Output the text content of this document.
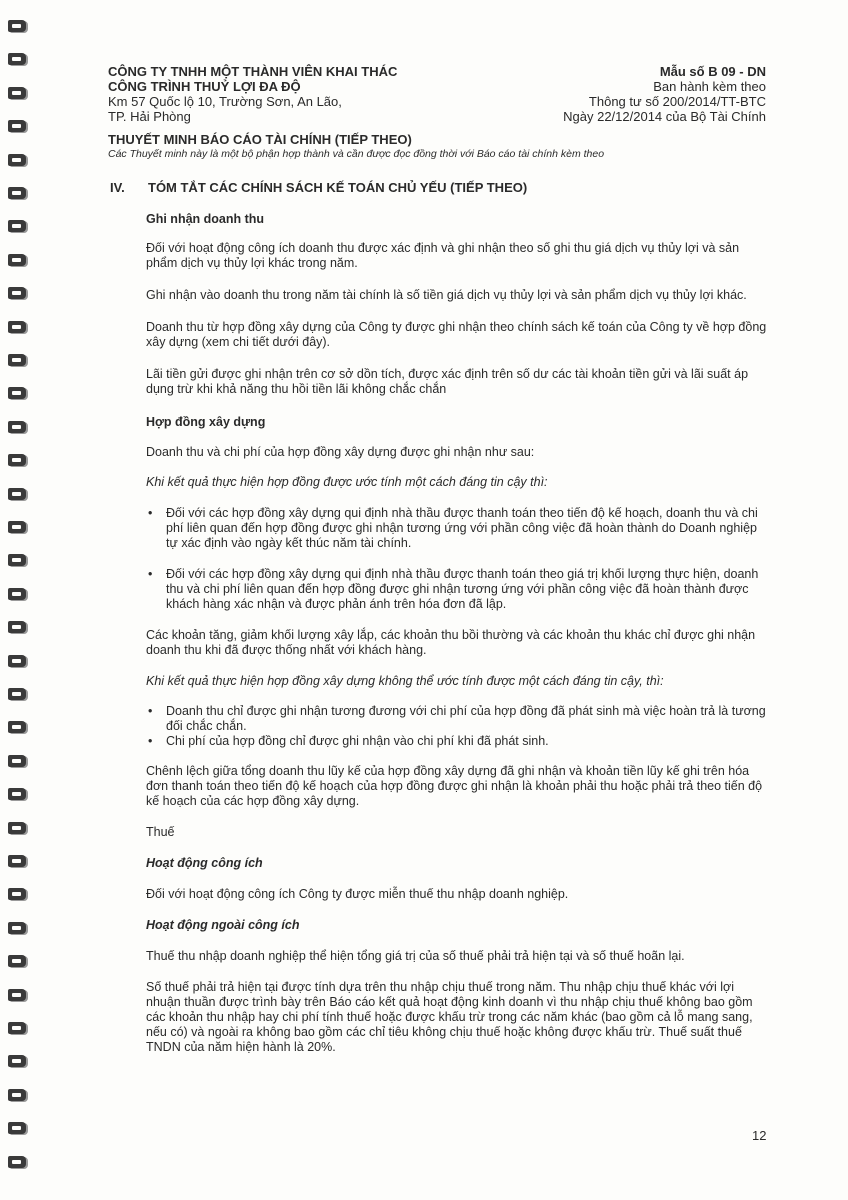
CÔNG TY TNHH MỘT THÀNH VIÊN KHAI THÁC
CÔNG TRÌNH THUỶ LỢI ĐA ĐỘ
Km 57 Quốc lộ 10, Trường Sơn, An Lão,
TP. Hải Phòng
Mẫu số B 09 - DN
Ban hành kèm theo
Thông tư số 200/2014/TT-BTC
Ngày 22/12/2014 của Bộ Tài Chính
THUYẾT MINH BÁO CÁO TÀI CHÍNH (TIẾP THEO)
Các Thuyết minh này là một bộ phận hợp thành và cần được đọc đồng thời với Báo cáo tài chính kèm theo
IV. TÓM TẮT CÁC CHÍNH SÁCH KẾ TOÁN CHỦ YẾU (TIẾP THEO)

Ghi nhận doanh thu

Đối với hoạt động công ích doanh thu được xác định và ghi nhận theo số ghi thu giá dịch vụ thủy lợi và sản phẩm dịch vụ thủy lợi khác trong năm.

Ghi nhận vào doanh thu trong năm tài chính là số tiền giá dịch vụ thủy lợi và sản phẩm dịch vụ thủy lợi khác.

Doanh thu từ hợp đồng xây dựng của Công ty được ghi nhận theo chính sách kế toán của Công ty về hợp đồng xây dựng (xem chi tiết dưới đây).

Lãi tiền gửi được ghi nhận trên cơ sở dồn tích, được xác định trên số dư các tài khoản tiền gửi và lãi suất áp dụng trừ khi khả năng thu hồi tiền lãi không chắc chắn

Hợp đồng xây dựng

Doanh thu và chi phí của hợp đồng xây dựng được ghi nhận như sau:

Khi kết quả thực hiện hợp đồng được ước tính một cách đáng tin cậy thì:

• Đối với các hợp đồng xây dựng qui định nhà thầu được thanh toán theo tiến độ kế hoạch, doanh thu và chi phí liên quan đến hợp đồng được ghi nhận tương ứng với phần công việc đã hoàn thành do Doanh nghiệp tự xác định vào ngày kết thúc năm tài chính.
• Đối với các hợp đồng xây dựng qui định nhà thầu được thanh toán theo giá trị khối lượng thực hiện, doanh thu và chi phí liên quan đến hợp đồng được ghi nhận tương ứng với phần công việc đã hoàn thành được khách hàng xác nhận và được phản ánh trên hóa đơn đã lập.

Các khoản tăng, giảm khối lượng xây lắp, các khoản thu bồi thường và các khoản thu khác chỉ được ghi nhận doanh thu khi đã được thống nhất với khách hàng.

Khi kết quả thực hiện hợp đồng xây dựng không thể ước tính được một cách đáng tin cậy, thì:

• Doanh thu chỉ được ghi nhận tương đương với chi phí của hợp đồng đã phát sinh mà việc hoàn trả là tương đối chắc chắn.
• Chi phí của hợp đồng chỉ được ghi nhận vào chi phí khi đã phát sinh.

Chênh lệch giữa tổng doanh thu lũy kế của hợp đồng xây dựng đã ghi nhận và khoản tiền lũy kế ghi trên hóa đơn thanh toán theo tiến độ kế hoạch của hợp đồng được ghi nhận là khoản phải thu hoặc phải trả theo tiến độ kế hoạch của các hợp đồng xây dựng.

Thuế

Hoạt động công ích

Đối với hoạt động công ích Công ty được miễn thuế thu nhập doanh nghiệp.

Hoạt động ngoài công ích

Thuế thu nhập doanh nghiệp thể hiện tổng giá trị của số thuế phải trả hiện tại và số thuế hoãn lại.

Số thuế phải trả hiện tại được tính dựa trên thu nhập chịu thuế trong năm. Thu nhập chịu thuế khác với lợi nhuận thuần được trình bày trên Báo cáo kết quả hoạt động kinh doanh vì thu nhập chịu thuế không bao gồm các khoản thu nhập hay chi phí tính thuế hoặc được khấu trừ trong các năm khác (bao gồm cả lỗ mang sang, nếu có) và ngoài ra không bao gồm các chỉ tiêu không chịu thuế hoặc không được khấu trừ. Thuế suất thuế TNDN của năm hiện hành là 20%.

12
